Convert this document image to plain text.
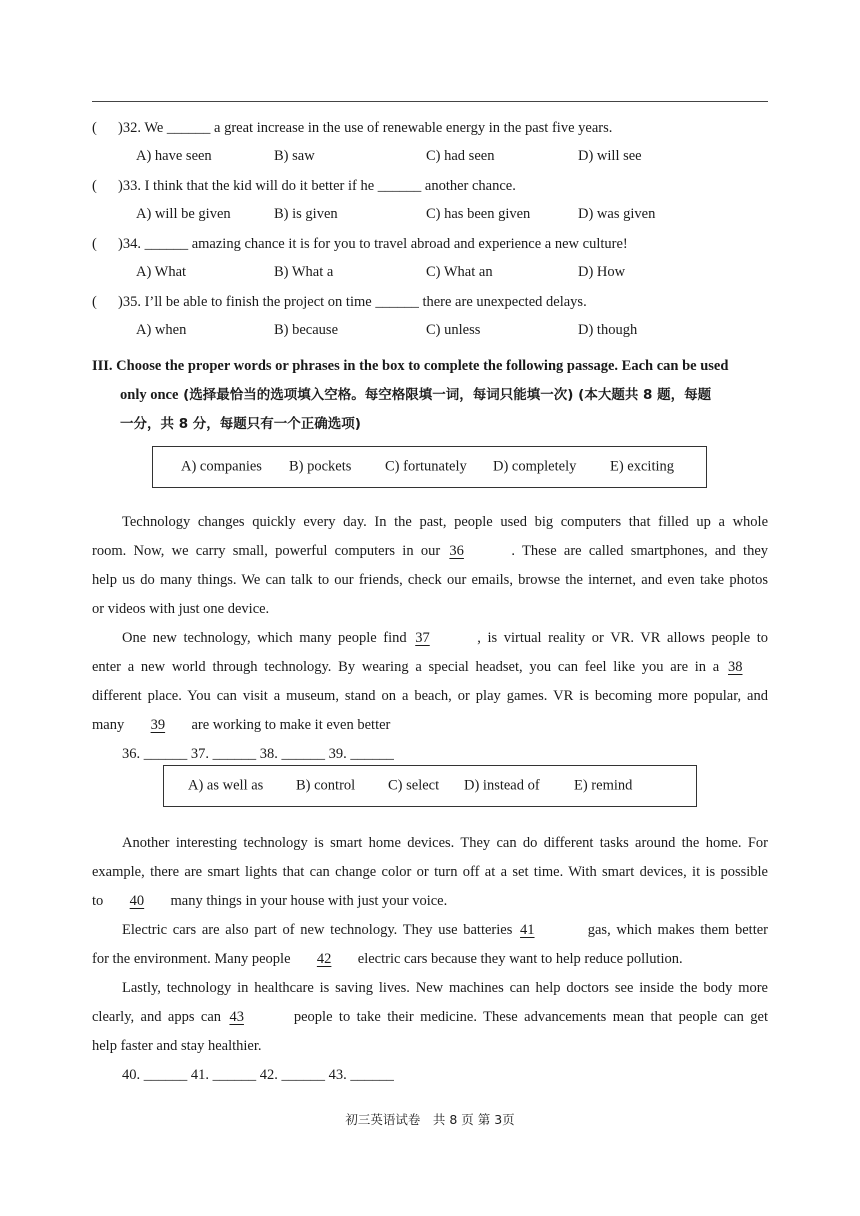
( )32. We ______ a great increase in the use of renewable energy in the past five years.
A) have seen	B) saw	C) had seen	D) will see
( )33. I think that the kid will do it better if he ______ another chance.
A) will be given	B) is given	C) has been given	D) was given
( )34. ______ amazing chance it is for you to travel abroad and experience a new culture!
A) What	B) What a	C) What an	D) How
( )35. I’ll be able to finish the project on time ______ there are unexpected delays.
A) when	B) because	C) unless	D) though
III. Choose the proper words or phrases in the box to complete the following passage. Each can be used
only once (选择最恰当的选项填入空格。每空格限填一词，每词只能填一次) (本大题共 8 题，每题
一分，共 8 分，每题只有一个正确选项)
A) companies B) pockets C) fortunately D) completely E) exciting
Technology changes quickly every day. In the past, people used big computers that filled up a whole
room. Now, we carry small, powerful computers in our 36	. These are called smartphones, and they
help us do many things. We can talk to our friends, check our emails, browse the internet, and even take photos
or videos with just one device.
One new technology, which many people find 37	, is virtual reality or VR. VR allows people to
enter a new world through technology. By wearing a special headset, you can feel like you are in a 38
different place. You can visit a museum, stand on a beach, or play games. VR is becoming more popular, and
many 39 are working to make it even better
36. ______ 37. ______ 38. ______ 39. ______
A) as well as B) control C) select D) instead of E) remind
Another interesting technology is smart home devices. They can do different tasks around the home. For
example, there are smart lights that can change color or turn off at a set time. With smart devices, it is possible
to 40 many things in your house with just your voice.
Electric cars are also part of new technology. They use batteries 41	gas, which makes them better
for the environment. Many people 42 electric cars because they want to help reduce pollution.
Lastly, technology in healthcare is saving lives. New machines can help doctors see inside the body more
clearly, and apps can 43	people to take their medicine. These advancements mean that people can get
help faster and stay healthier.
40. ______ 41. ______ 42. ______ 43. ______
初三英语试卷　共 8 页 第 3页
